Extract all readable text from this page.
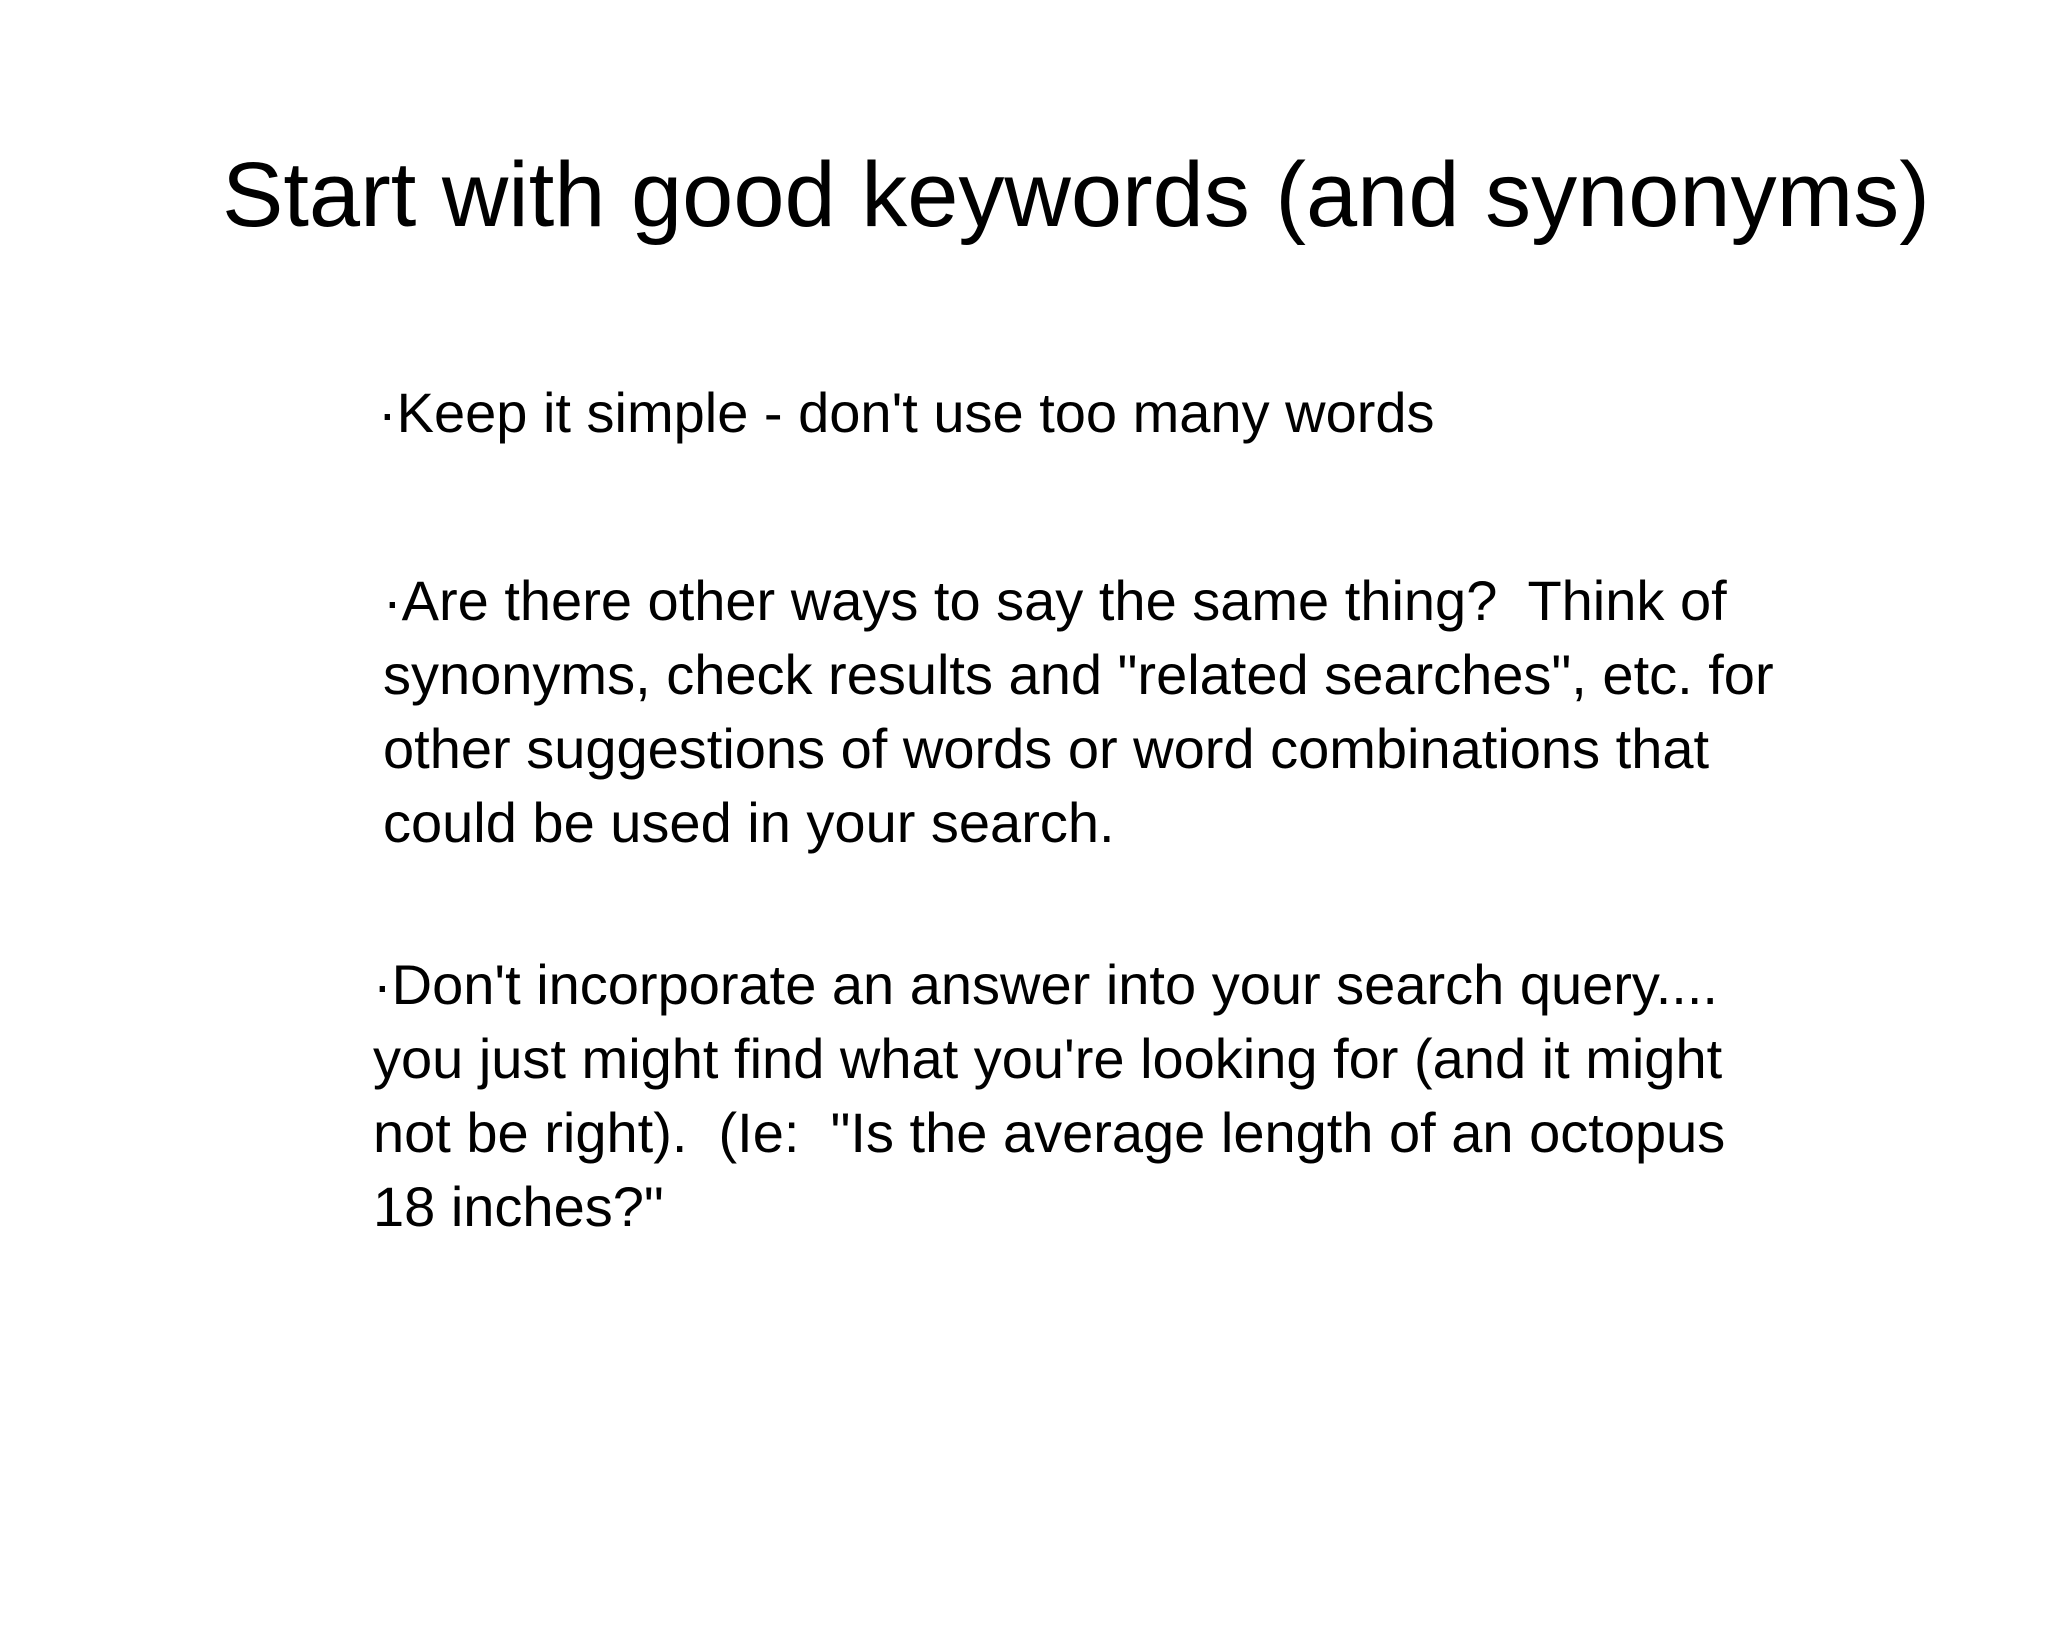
Start with good keywords (and synonyms)

·Keep it simple - don't use too many words

·Are there other ways to say the same thing?  Think of
synonyms, check results and "related searches", etc. for
other suggestions of words or word combinations that
could be used in your search.

·Don't incorporate an answer into your search query....
you just might find what you're looking for (and it might
not be right).  (Ie:  "Is the average length of an octopus
18 inches?"
